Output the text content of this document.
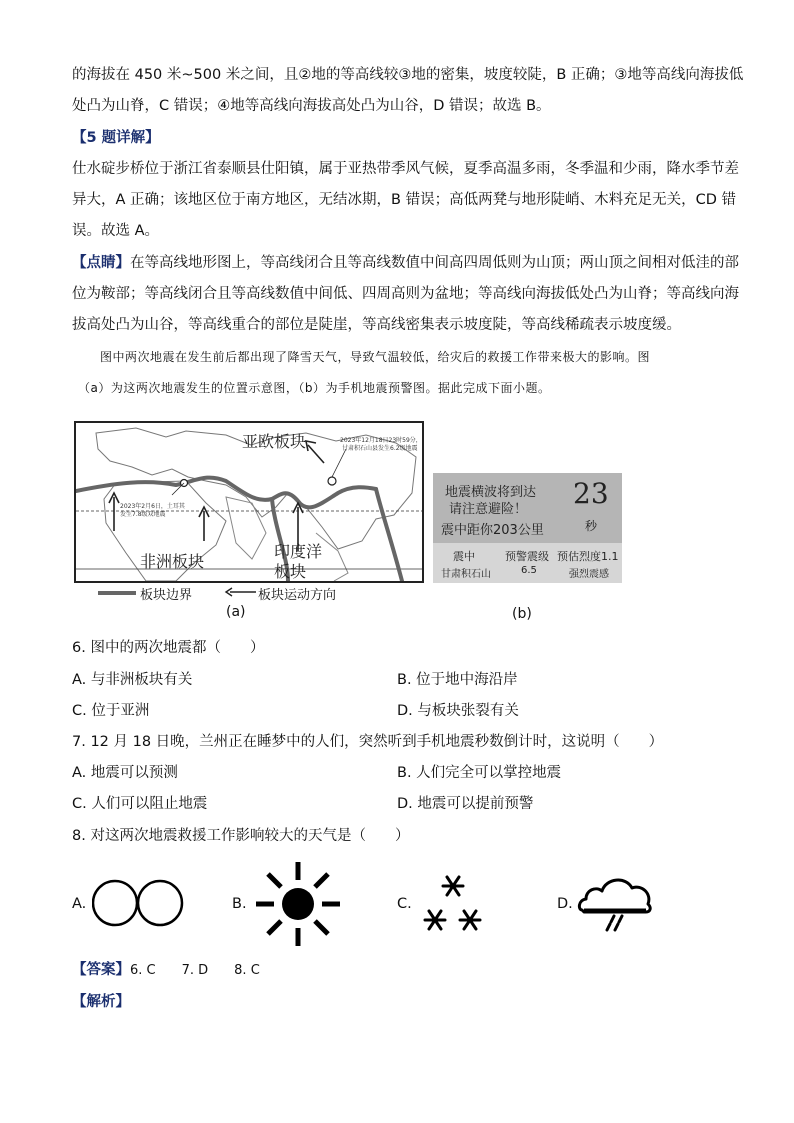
的海拔在 450 米~500 米之间，且②地的等高线较③地的密集，坡度较陡，B 正确；③地等高线向海拔低
处凸为山脊，C 错误；④地等高线向海拔高处凸为山谷，D 错误；故选 B。
【5 题详解】
仕水碇步桥位于浙江省泰顺县仕阳镇，属于亚热带季风气候，夏季高温多雨，冬季温和少雨，降水季节差
异大，A 正确；该地区位于南方地区，无结冰期，B 错误；高低两凳与地形陡峭、木料充足无关，CD 错
误。故选 A。
【点睛】在等高线地形图上，等高线闭合且等高线数值中间高四周低则为山顶；两山顶之间相对低洼的部
位为鞍部；等高线闭合且等高线数值中间低、四周高则为盆地；等高线向海拔低处凸为山脊；等高线向海
拔高处凸为山谷，等高线重合的部位是陡崖，等高线密集表示坡度陡，等高线稀疏表示坡度缓。
图中两次地震在发生前后都出现了降雪天气，导致气温较低，给灾后的救援工作带来极大的影响。图
（a）为这两次地震发生的位置示意图，（b）为手机地震预警图。据此完成下面小题。
亚欧板块
非洲板块
印度洋
板块
2023年12月18日23时59分，
甘肃积石山县发生6.2级地震
2023年2月6日，土耳其
发生7.8级双地震
板块边界	板块运动方向
(a)
地震横波将到达
请注意避险！
震中距你203公里
23
秒
震中	预警震级 预估烈度1.1
甘肃积石山	6.5	强烈震感
(b)
6. 图中的两次地震都（　　）
A. 与非洲板块有关	B. 位于地中海沿岸
C. 位于亚洲	D. 与板块张裂有关
7. 12 月 18 日晚，兰州正在睡梦中的人们，突然听到手机地震秒数倒计时，这说明（　　）
A. 地震可以预测	B. 人们完全可以掌控地震
C. 人们可以阻止地震	D. 地震可以提前预警
8. 对这两次地震救援工作影响较大的天气是（　　）
A.	B.	C.	D.
【答案】6. C　　7. D　　8. C
【解析】
